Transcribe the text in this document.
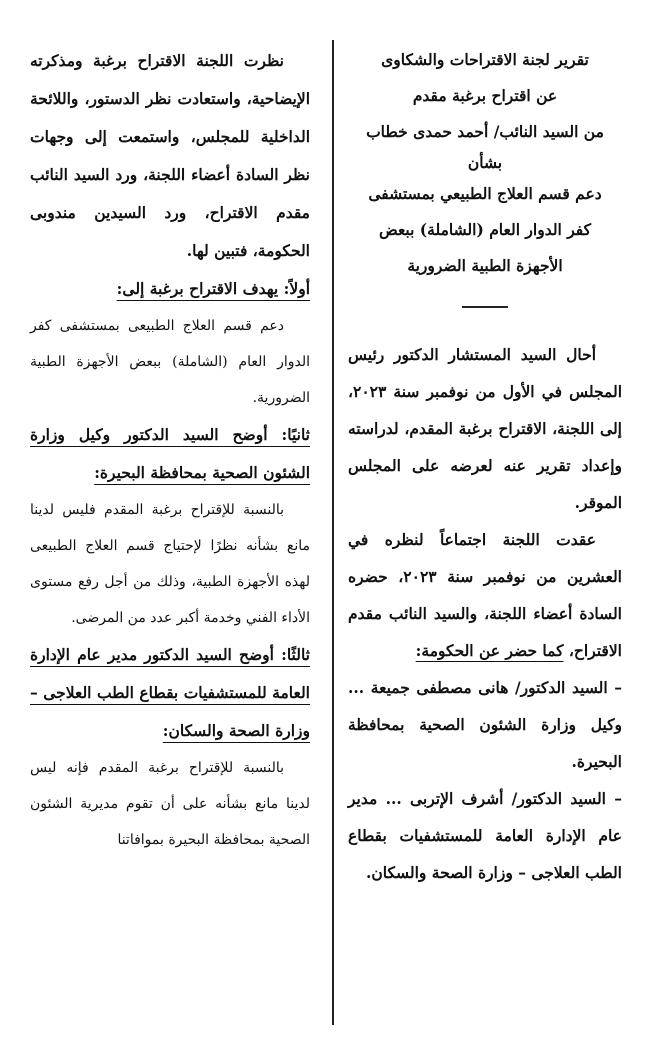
تقرير لجنة الاقتراحات والشكاوى

عن اقتراح برغبة مقدم

من السيد النائب/ أحمد حمدى خطاب

بشأن

دعم قسم العلاج الطبيعي بمستشفى

كفر الدوار العام (الشاملة) ببعض

الأجهزة الطبية الضرورية

أحال السيد المستشار الدكتور رئيس المجلس في الأول من نوفمبر سنة ٢٠٢٣، إلى اللجنة، الاقتراح برغبة المقدم، لدراسته وإعداد تقرير عنه لعرضه على المجلس الموقر.

عقدت اللجنة اجتماعاً لنظره في العشرين من نوفمبر سنة ٢٠٢٣، حضره السادة أعضاء اللجنة، والسيد النائب مقدم الاقتراح، كما حضر عن الحكومة:

– السيد الدكتور/ هانى مصطفى جميعة ... وكيل وزارة الشئون الصحية بمحافظة البحيرة.

– السيد الدكتور/ أشرف الإتربى ... مدير عام الإدارة العامة للمستشفيات بقطاع الطب العلاجى – وزارة الصحة والسكان.

نظرت اللجنة الاقتراح برغبة ومذكرته الإيضاحية، واستعادت نظر الدستور، واللائحة الداخلية للمجلس، واستمعت إلى وجهات نظر السادة أعضاء اللجنة، ورد السيد النائب مقدم الاقتراح، ورد السيدين مندوبى الحكومة، فتبين لها.

أولاً: يهدف الاقتراح برغبة إلى:

دعم قسم العلاج الطبيعى بمستشفى كفر الدوار العام (الشاملة) ببعض الأجهزة الطبية الضرورية.

ثانيًا: أوضح السيد الدكتور وكيل وزارة الشئون الصحية بمحافظة البحيرة:

بالنسبة للإقتراح برغبة المقدم فليس لدينا مانع بشأنه نظرًا لإحتياج قسم العلاج الطبيعى لهذه الأجهزة الطبية، وذلك من أجل رفع مستوى الأداء الفني وخدمة أكبر عدد من المرضى.

ثالثًا: أوضح السيد الدكتور مدير عام الإدارة العامة للمستشفيات بقطاع الطب العلاجى – وزارة الصحة والسكان:

بالنسبة للإقتراح برغبة المقدم فإنه ليس لدينا مانع بشأنه على أن تقوم مديرية الشئون الصحية بمحافظة البحيرة بموافاتنا
